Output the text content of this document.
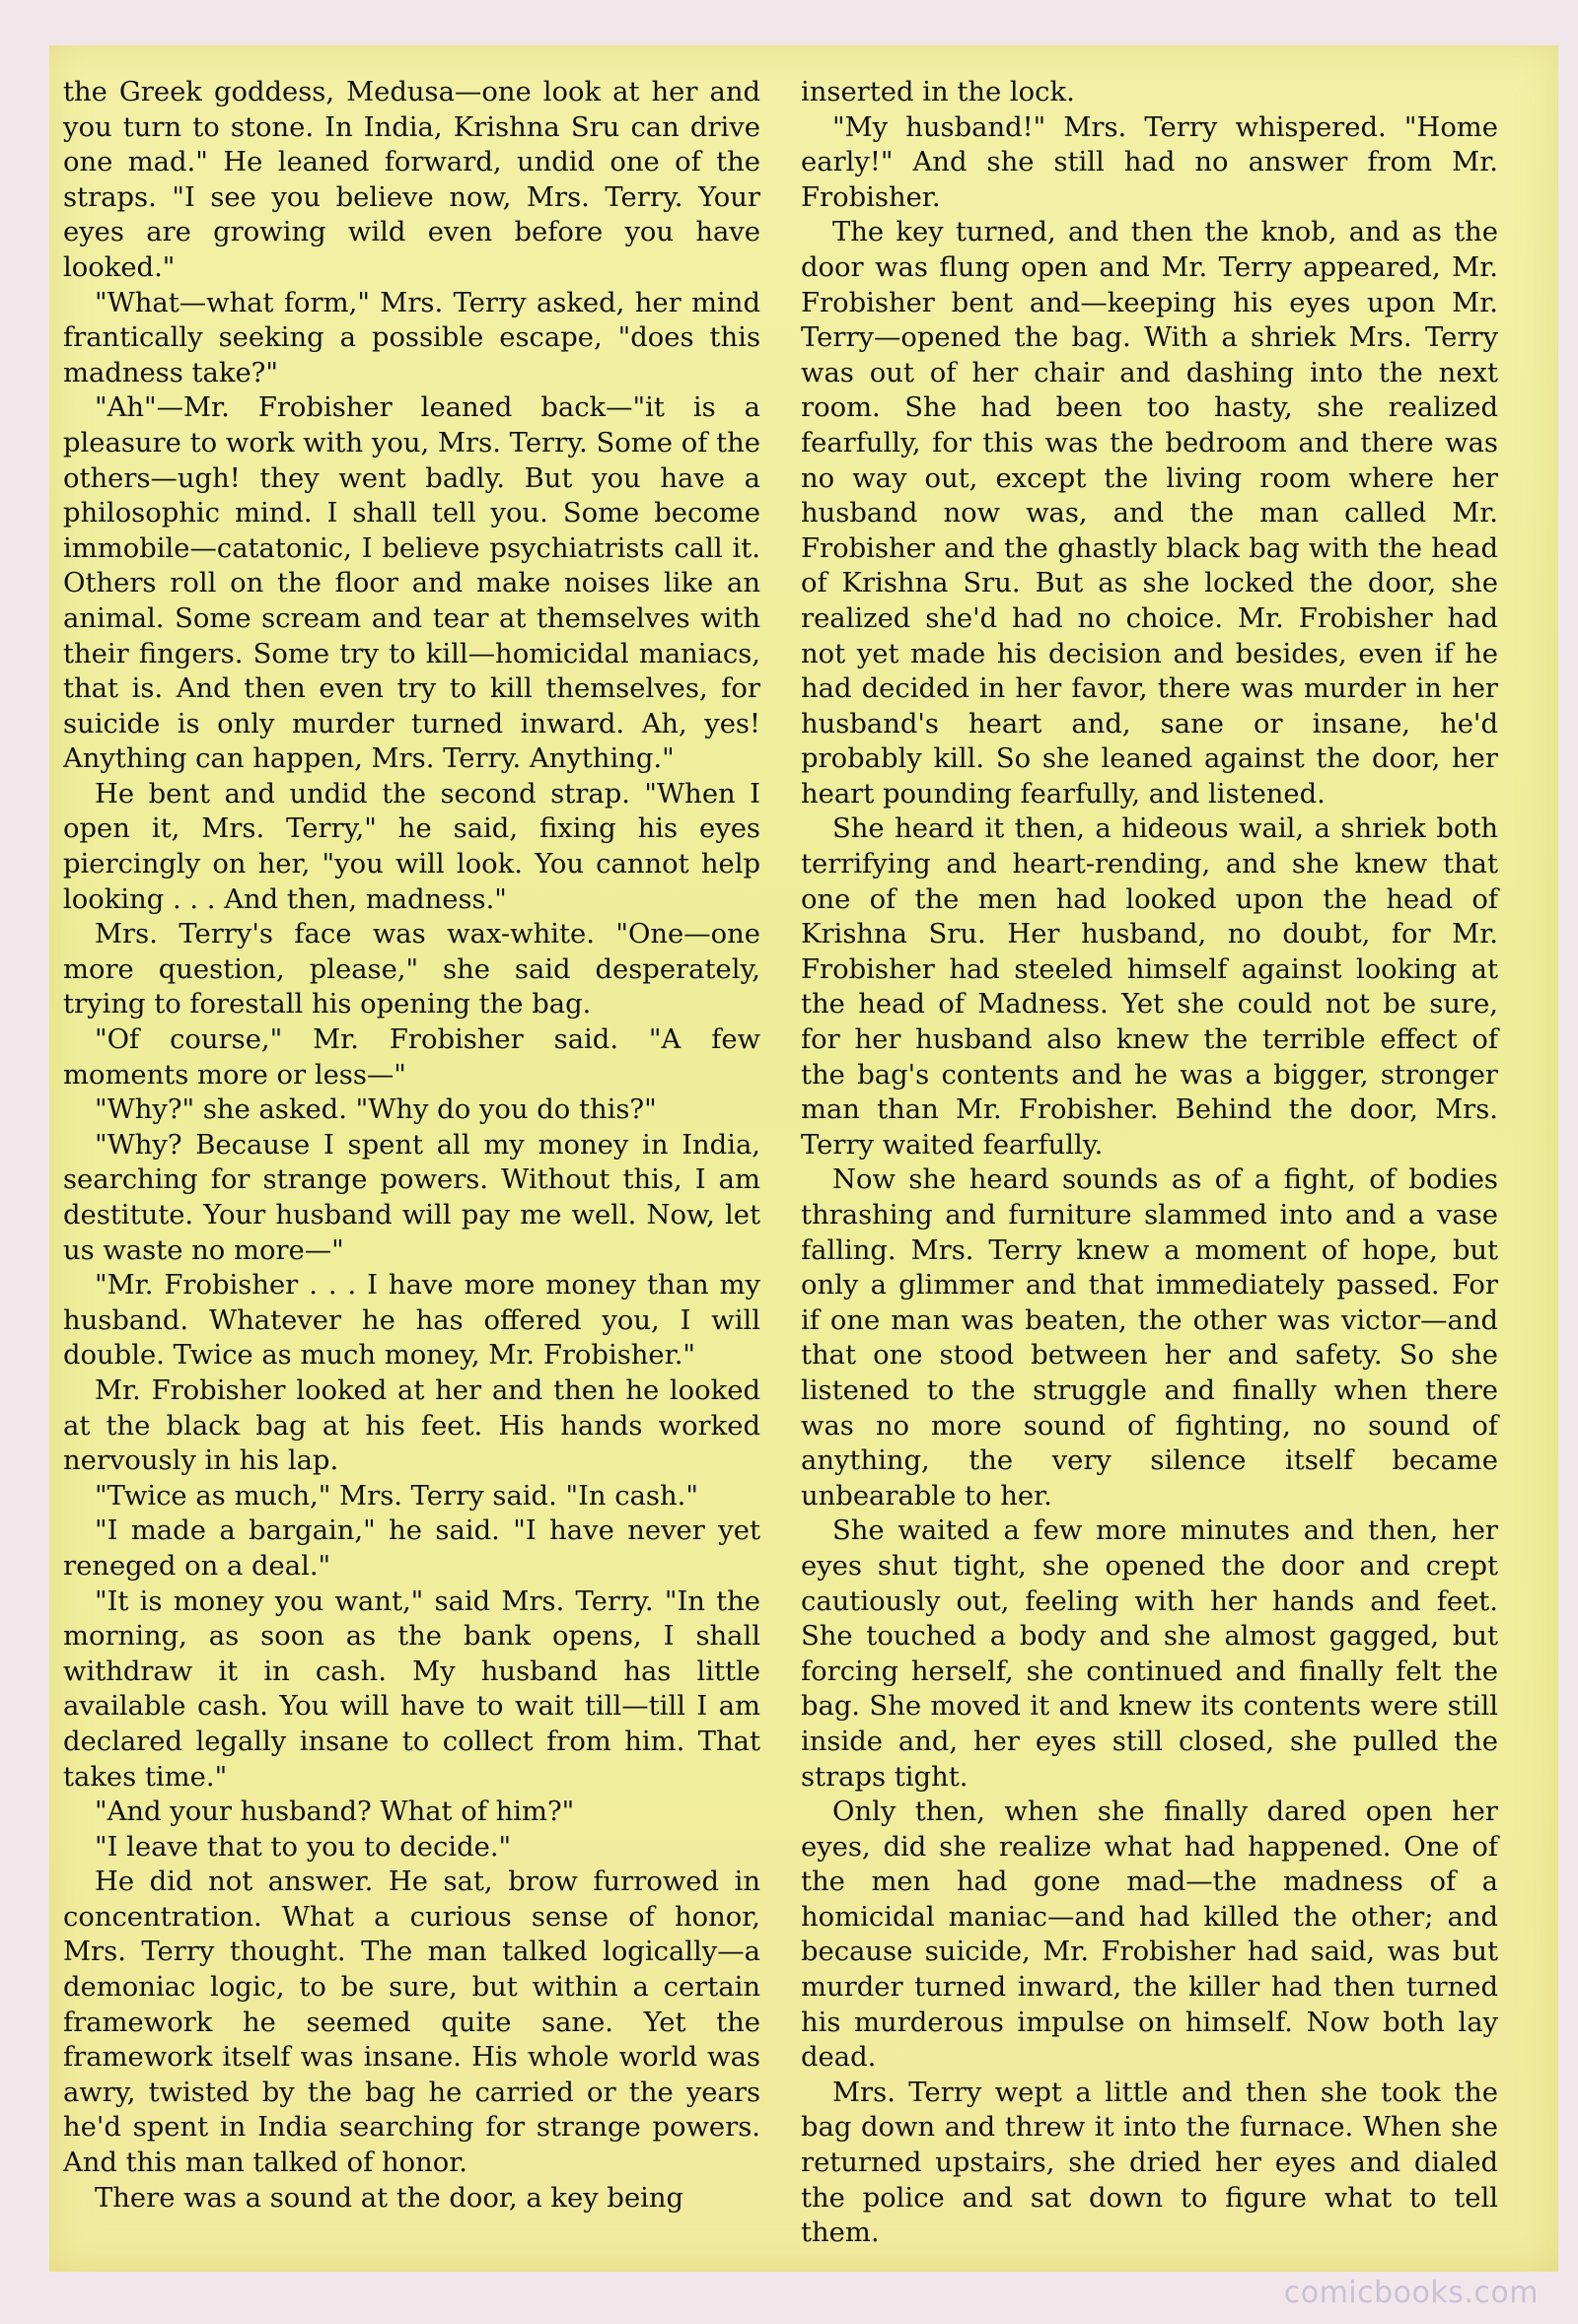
the Greek goddess, Medusa—one look at her and you turn to stone. In India, Krishna Sru can drive one mad." He leaned forward, undid one of the straps. "I see you believe now, Mrs. Terry. Your eyes are growing wild even before you have looked."

"What—what form," Mrs. Terry asked, her mind frantically seeking a possible escape, "does this madness take?"

"Ah"—Mr. Frobisher leaned back—"it is a pleasure to work with you, Mrs. Terry. Some of the others—ugh! they went badly. But you have a philosophic mind. I shall tell you. Some become immobile—catatonic, I believe psychiatrists call it. Others roll on the floor and make noises like an animal. Some scream and tear at themselves with their fingers. Some try to kill—homicidal maniacs, that is. And then even try to kill themselves, for suicide is only murder turned inward. Ah, yes! Anything can happen, Mrs. Terry. Anything."

He bent and undid the second strap. "When I open it, Mrs. Terry," he said, fixing his eyes piercingly on her, "you will look. You cannot help looking . . . And then, madness."

Mrs. Terry's face was wax-white. "One—one more question, please," she said desperately, trying to forestall his opening the bag.

"Of course," Mr. Frobisher said. "A few moments more or less—"

"Why?" she asked. "Why do you do this?"

"Why? Because I spent all my money in India, searching for strange powers. Without this, I am destitute. Your husband will pay me well. Now, let us waste no more—"

"Mr. Frobisher . . . I have more money than my husband. Whatever he has offered you, I will double. Twice as much money, Mr. Frobisher."

Mr. Frobisher looked at her and then he looked at the black bag at his feet. His hands worked nervously in his lap.

"Twice as much," Mrs. Terry said. "In cash."

"I made a bargain," he said. "I have never yet reneged on a deal."

"It is money you want," said Mrs. Terry. "In the morning, as soon as the bank opens, I shall withdraw it in cash. My husband has little available cash. You will have to wait till—till I am declared legally insane to collect from him. That takes time."

"And your husband? What of him?"

"I leave that to you to decide."

He did not answer. He sat, brow furrowed in concentration. What a curious sense of honor, Mrs. Terry thought. The man talked logically—a demoniac logic, to be sure, but within a certain framework he seemed quite sane. Yet the framework itself was insane. His whole world was awry, twisted by the bag he carried or the years he'd spent in India searching for strange powers. And this man talked of honor.

There was a sound at the door, a key being

inserted in the lock.

"My husband!" Mrs. Terry whispered. "Home early!" And she still had no answer from Mr. Frobisher.

The key turned, and then the knob, and as the door was flung open and Mr. Terry appeared, Mr. Frobisher bent and—keeping his eyes upon Mr. Terry—opened the bag. With a shriek Mrs. Terry was out of her chair and dashing into the next room. She had been too hasty, she realized fearfully, for this was the bedroom and there was no way out, except the living room where her husband now was, and the man called Mr. Frobisher and the ghastly black bag with the head of Krishna Sru. But as she locked the door, she realized she'd had no choice. Mr. Frobisher had not yet made his decision and besides, even if he had decided in her favor, there was murder in her husband's heart and, sane or insane, he'd probably kill. So she leaned against the door, her heart pounding fearfully, and listened.

She heard it then, a hideous wail, a shriek both terrifying and heart-rending, and she knew that one of the men had looked upon the head of Krishna Sru. Her husband, no doubt, for Mr. Frobisher had steeled himself against looking at the head of Madness. Yet she could not be sure, for her husband also knew the terrible effect of the bag's contents and he was a bigger, stronger man than Mr. Frobisher. Behind the door, Mrs. Terry waited fearfully.

Now she heard sounds as of a fight, of bodies thrashing and furniture slammed into and a vase falling. Mrs. Terry knew a moment of hope, but only a glimmer and that immediately passed. For if one man was beaten, the other was victor—and that one stood between her and safety. So she listened to the struggle and finally when there was no more sound of fighting, no sound of anything, the very silence itself became unbearable to her.

She waited a few more minutes and then, her eyes shut tight, she opened the door and crept cautiously out, feeling with her hands and feet. She touched a body and she almost gagged, but forcing herself, she continued and finally felt the bag. She moved it and knew its contents were still inside and, her eyes still closed, she pulled the straps tight.

Only then, when she finally dared open her eyes, did she realize what had happened. One of the men had gone mad—the madness of a homicidal maniac—and had killed the other; and because suicide, Mr. Frobisher had said, was but murder turned inward, the killer had then turned his murderous impulse on himself. Now both lay dead.

Mrs. Terry wept a little and then she took the bag down and threw it into the furnace. When she returned upstairs, she dried her eyes and dialed the police and sat down to figure what to tell them.

comicbooks.com
